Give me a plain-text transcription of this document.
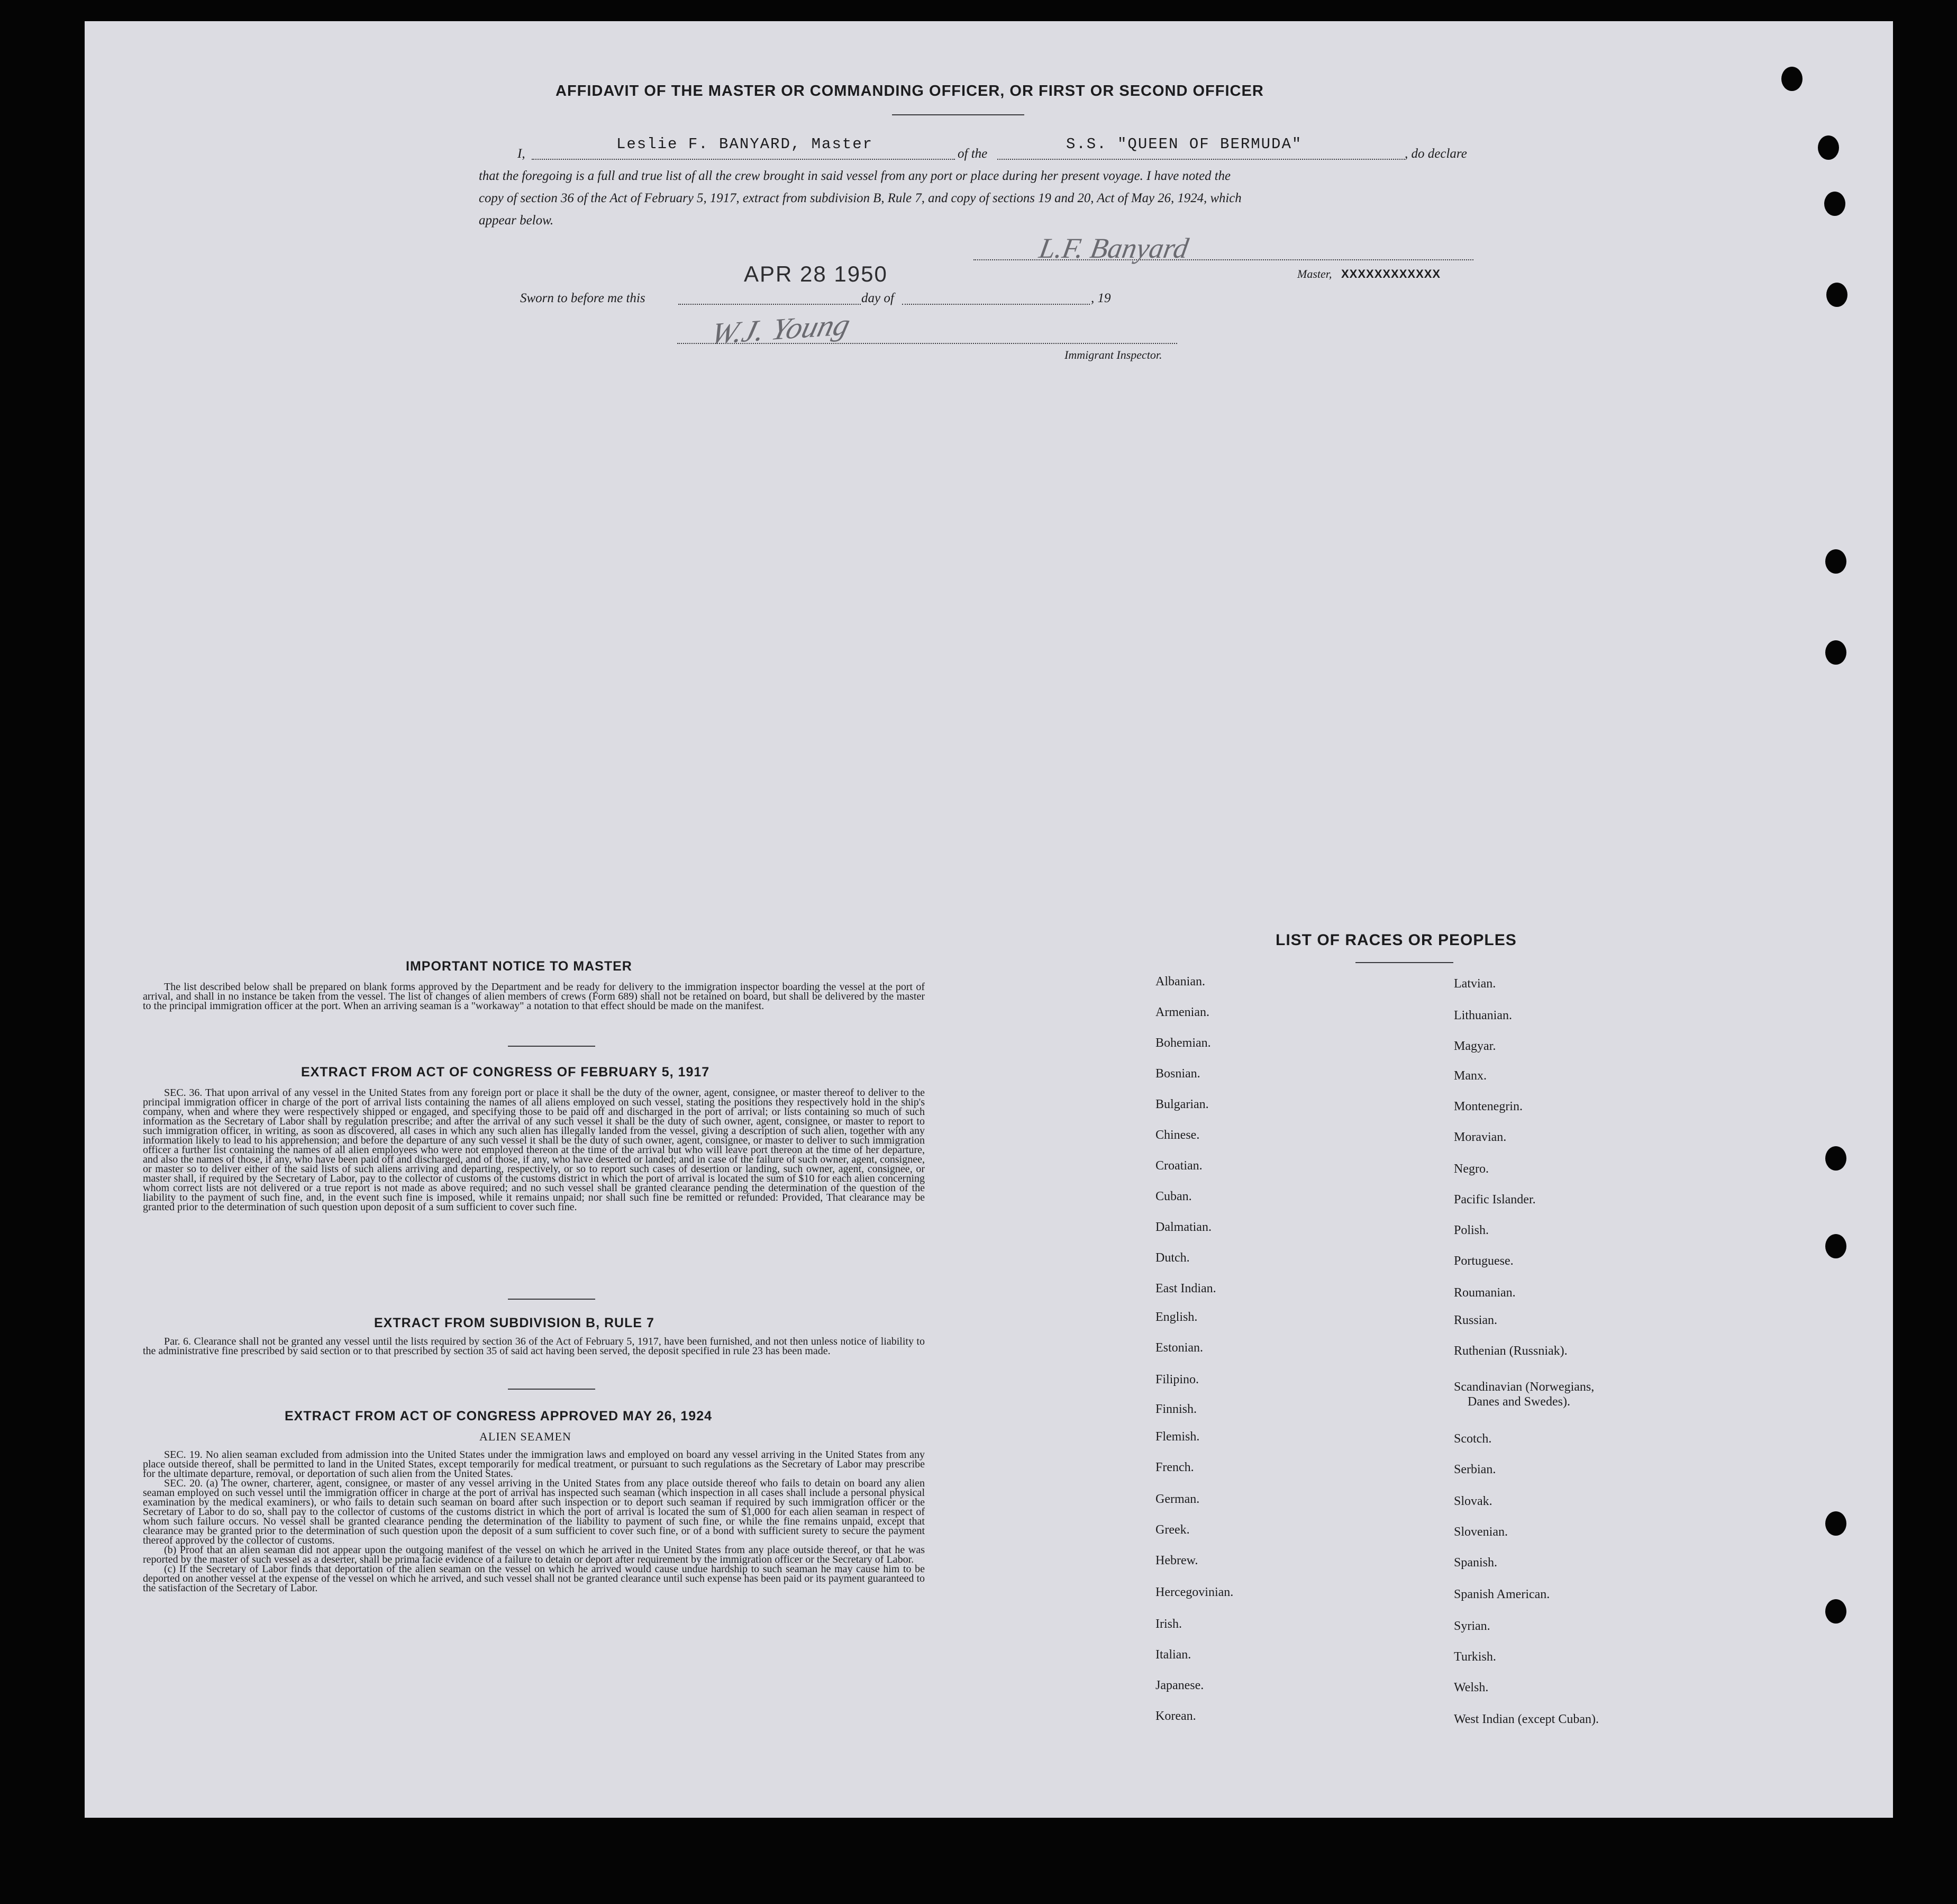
AFFIDAVIT OF THE MASTER OR COMMANDING OFFICER, OR FIRST OR SECOND OFFICER
I,
Leslie F. BANYARD, Master
of the
S.S. "QUEEN OF BERMUDA"
, do declare
that the foregoing is a full and true list of all the crew brought in said vessel from any port or place during her present voyage. I have noted the
copy of section 36 of the Act of February 5, 1917, extract from subdivision B, Rule 7, and copy of sections 19 and 20, Act of May 26, 1924, which
appear below.
L.F. Banyard
Master, XXXXXXXXXXXX
Sworn to before me this
APR 28 1950
day of	, 19
W.J. Young
Immigrant Inspector.
IMPORTANT NOTICE TO MASTER

The list described below shall be prepared on blank forms approved by the Department and be ready for delivery to the immigration inspector boarding the vessel at the port of arrival, and shall in no instance be taken from the vessel. The list of changes of alien members of crews (Form 689) shall not be retained on board, but shall be delivered by the master to the principal immigration officer at the port. When an arriving seaman is a "workaway" a notation to that effect should be made on the manifest.

EXTRACT FROM ACT OF CONGRESS OF FEBRUARY 5, 1917

SEC. 36. That upon arrival of any vessel in the United States from any foreign port or place it shall be the duty of the owner, agent, consignee, or master thereof to deliver to the principal immigration officer in charge of the port of arrival lists containing the names of all aliens employed on such vessel, stating the positions they respectively hold in the ship's company, when and where they were respectively shipped or engaged, and specifying those to be paid off and discharged in the port of arrival; or lists containing so much of such information as the Secretary of Labor shall by regulation prescribe; and after the arrival of any such vessel it shall be the duty of such owner, agent, consignee, or master to report to such immigration officer, in writing, as soon as discovered, all cases in which any such alien has illegally landed from the vessel, giving a description of such alien, together with any information likely to lead to his apprehension; and before the departure of any such vessel it shall be the duty of such owner, agent, consignee, or master to deliver to such immigration officer a further list containing the names of all alien employees who were not employed thereon at the time of the arrival but who will leave port thereon at the time of her departure, and also the names of those, if any, who have been paid off and discharged, and of those, if any, who have deserted or landed; and in case of the failure of such owner, agent, consignee, or master so to deliver either of the said lists of such aliens arriving and departing, respectively, or so to report such cases of desertion or landing, such owner, agent, consignee, or master shall, if required by the Secretary of Labor, pay to the collector of customs of the customs district in which the port of arrival is located the sum of $10 for each alien concerning whom correct lists are not delivered or a true report is not made as above required; and no such vessel shall be granted clearance pending the determination of the question of the liability to the payment of such fine, and, in the event such fine is imposed, while it remains unpaid; nor shall such fine be remitted or refunded: Provided, That clearance may be granted prior to the determination of such question upon deposit of a sum sufficient to cover such fine.

EXTRACT FROM SUBDIVISION B, RULE 7

Par. 6. Clearance shall not be granted any vessel until the lists required by section 36 of the Act of February 5, 1917, have been furnished, and not then unless notice of liability to the administrative fine prescribed by said section or to that prescribed by section 35 of said act having been served, the deposit specified in rule 23 has been made.

EXTRACT FROM ACT OF CONGRESS APPROVED MAY 26, 1924
ALIEN SEAMEN

SEC. 19. No alien seaman excluded from admission into the United States under the immigration laws and employed on board any vessel arriving in the United States from any place outside thereof, shall be permitted to land in the United States, except temporarily for medical treatment, or pursuant to such regulations as the Secretary of Labor may prescribe for the ultimate departure, removal, or deportation of such alien from the United States.

SEC. 20. (a) The owner, charterer, agent, consignee, or master of any vessel arriving in the United States from any place outside thereof who fails to detain on board any alien seaman employed on such vessel until the immigration officer in charge at the port of arrival has inspected such seaman (which inspection in all cases shall include a personal physical examination by the medical examiners), or who fails to detain such seaman on board after such inspection or to deport such seaman if required by such immigration officer or the Secretary of Labor to do so, shall pay to the collector of customs of the customs district in which the port of arrival is located the sum of $1,000 for each alien seaman in respect of whom such failure occurs. No vessel shall be granted clearance pending the determination of the liability to payment of such fine, or while the fine remains unpaid, except that clearance may be granted prior to the determination of such question upon the deposit of a sum sufficient to cover such fine, or of a bond with sufficient surety to secure the payment thereof approved by the collector of customs.

(b) Proof that an alien seaman did not appear upon the outgoing manifest of the vessel on which he arrived in the United States from any place outside thereof, or that he was reported by the master of such vessel as a deserter, shall be prima facie evidence of a failure to detain or deport after requirement by the immigration officer or the Secretary of Labor.

(c) If the Secretary of Labor finds that deportation of the alien seaman on the vessel on which he arrived would cause undue hardship to such seaman he may cause him to be deported on another vessel at the expense of the vessel on which he arrived, and such vessel shall not be granted clearance until such expense has been paid or its payment guaranteed to the satisfaction of the Secretary of Labor.

LIST OF RACES OR PEOPLES
Albanian.
Armenian.
Bohemian.
Bosnian.
Bulgarian.
Chinese.
Croatian.
Cuban.
Dalmatian.
Dutch.
East Indian.
English.
Estonian.
Filipino.
Finnish.
Flemish.
French.
German.
Greek.
Hebrew.
Hercegovinian.
Irish.
Italian.
Japanese.
Korean.
Latvian.
Lithuanian.
Magyar.
Manx.
Montenegrin.
Moravian.
Negro.
Pacific Islander.
Polish.
Portuguese.
Roumanian.
Russian.
Ruthenian (Russniak).
Scandinavian (Norwegians,
Danes and Swedes).
Scotch.
Serbian.
Slovak.
Slovenian.
Spanish.
Spanish American.
Syrian.
Turkish.
Welsh.
West Indian (except Cuban).
